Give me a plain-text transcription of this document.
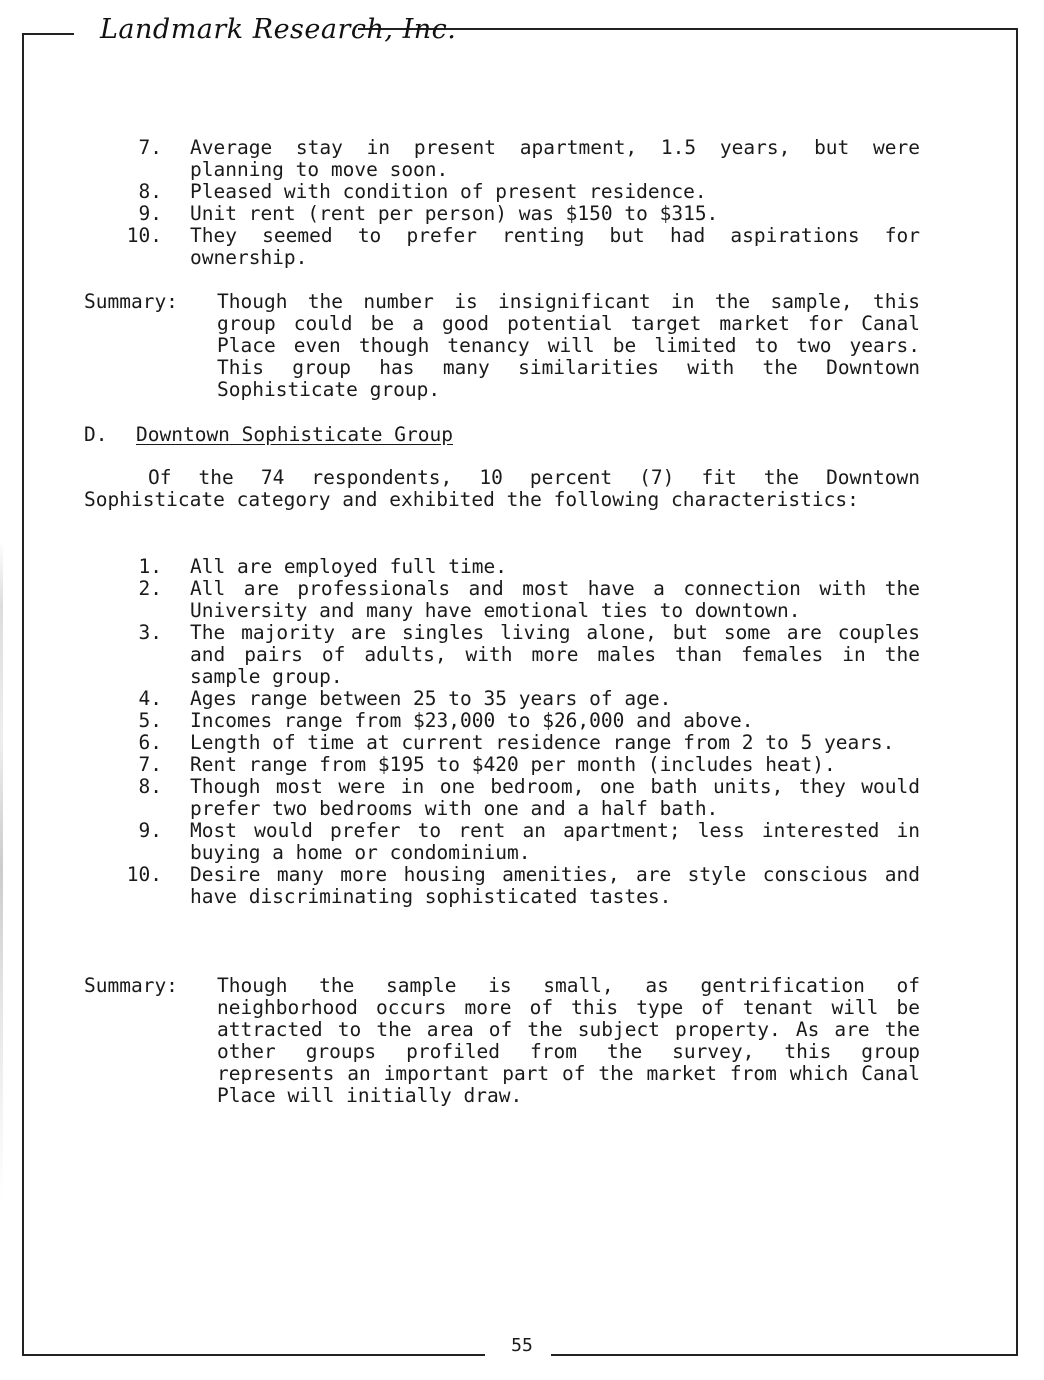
Landmark Research, Inc.
7. Average stay in present apartment, 1.5 years, but were planning to move soon.
8. Pleased with condition of present residence.
9. Unit rent (rent per person) was $150 to $315.
10. They seemed to prefer renting but had aspirations for ownership.
Summary:	Though the number is insignificant in the sample, this group could be a good potential target market for Canal Place even though tenancy will be limited to two years. This group has many similarities with the Downtown Sophisticate group.
D.	Downtown Sophisticate Group
Of the 74 respondents, 10 percent (7) fit the Downtown Sophisticate category and exhibited the following characteristics:
1. All are employed full time.
2. All are professionals and most have a connection with the University and many have emotional ties to downtown.
3. The majority are singles living alone, but some are couples and pairs of adults, with more males than females in the sample group.
4. Ages range between 25 to 35 years of age.
5. Incomes range from $23,000 to $26,000 and above.
6. Length of time at current residence range from 2 to 5 years.
7. Rent range from $195 to $420 per month (includes heat).
8. Though most were in one bedroom, one bath units, they would prefer two bedrooms with one and a half bath.
9. Most would prefer to rent an apartment; less interested in buying a home or condominium.
10. Desire many more housing amenities, are style conscious and have discriminating sophisticated tastes.
Summary:	Though the sample is small, as gentrification of neighborhood occurs more of this type of tenant will be attracted to the area of the subject property. As are the other groups profiled from the survey, this group represents an important part of the market from which Canal Place will initially draw.
55
